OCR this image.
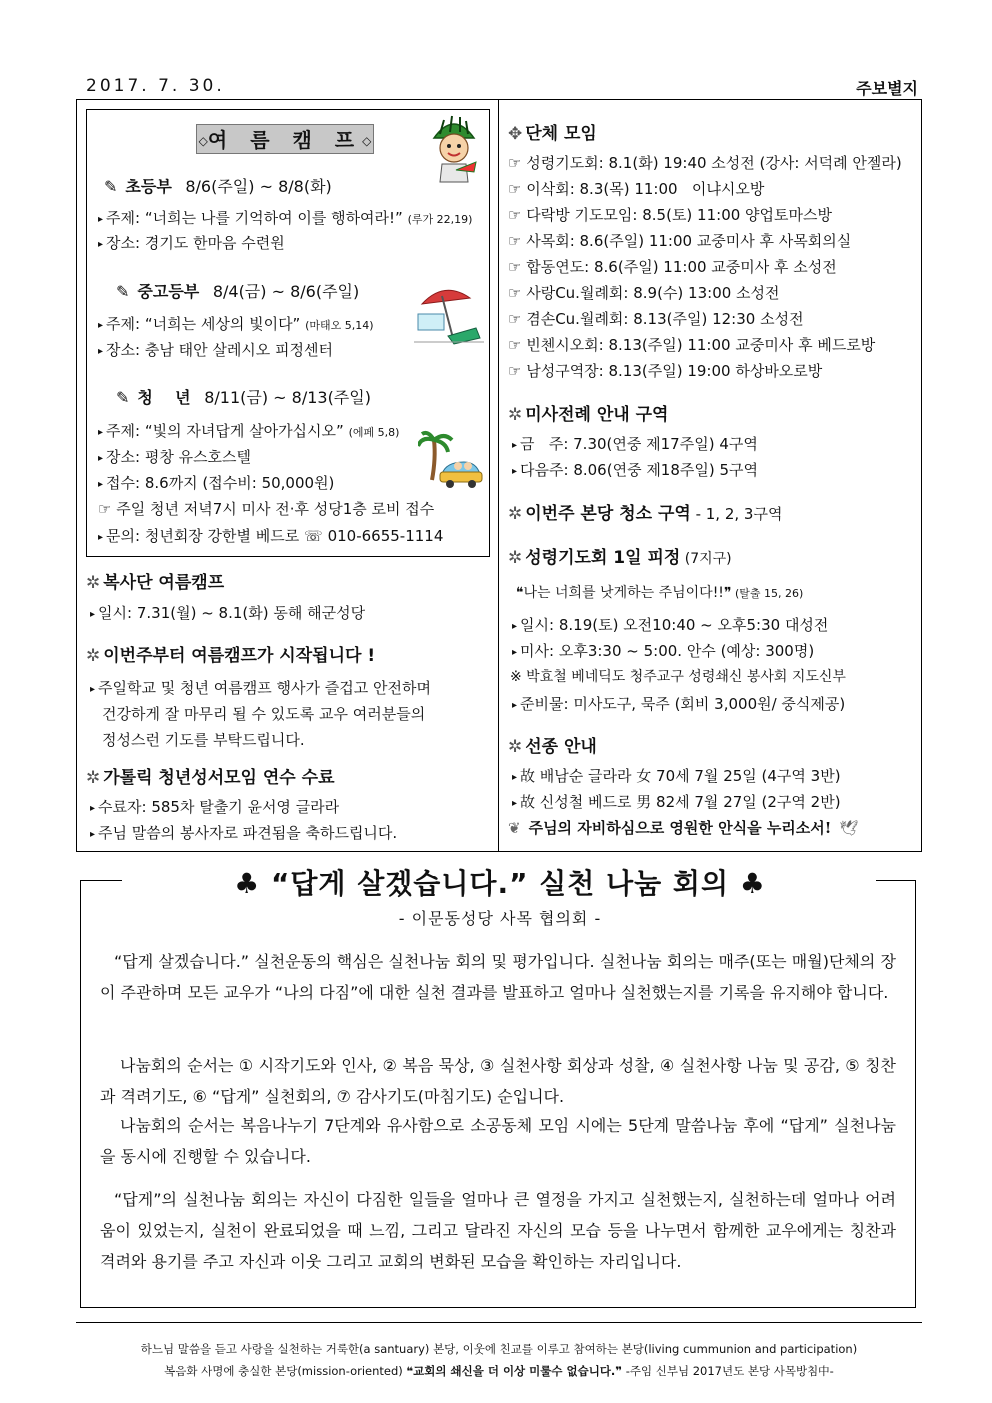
2017. 7. 30.	주보별지
◇여 름 캠 프◇
✎ 초등부 8/6(주일) ~ 8/8(화)
▸ 주제: “너희는 나를 기억하여 이를 행하여라!” (루가 22,19)
▸ 장소: 경기도 한마음 수련원
✎ 중고등부 8/4(금) ~ 8/6(주일)
▸ 주제: “너희는 세상의 빛이다” (마태오 5,14)
▸ 장소: 충남 태안 살레시오 피정센터
✎ 청    년 8/11(금) ~ 8/13(주일)
▸ 주제: “빛의 자녀답게 살아가십시오” (에페 5,8)
▸ 장소: 평창 유스호스텔
▸ 접수: 8.6까지 (접수비: 50,000원)
☞ 주일 청년 저녁7시 미사 전·후 성당1층 로비 접수
▸ 문의: 청년회장 강한별 베드로 ☏ 010-6655-1114
✲ 복사단 여름캠프
▸ 일시: 7.31(월) ~ 8.1(화) 동해 해군성당
✲ 이번주부터 여름캠프가 시작됩니다 !
▸ 주일학교 및 청년 여름캠프 행사가 즐겁고 안전하며
건강하게 잘 마무리 될 수 있도록 교우 여러분들의
정성스런 기도를 부탁드립니다.
✲ 가톨릭 청년성서모임 연수 수료
▸ 수료자: 585차 탈출기 윤서영 글라라
▸ 주님 말씀의 봉사자로 파견됨을 축하드립니다.
✥ 단체 모임
☞ 성령기도회: 8.1(화) 19:40 소성전 (강사: 서덕례 안젤라)
☞ 이삭회: 8.3(목) 11:00   이냐시오방
☞ 다락방 기도모임: 8.5(토) 11:00 양업토마스방
☞ 사목회: 8.6(주일) 11:00 교중미사 후 사목회의실
☞ 합동연도: 8.6(주일) 11:00 교중미사 후 소성전
☞ 사랑Cu.월례회: 8.9(수) 13:00 소성전
☞ 겸손Cu.월례회: 8.13(주일) 12:30 소성전
☞ 빈첸시오회: 8.13(주일) 11:00 교중미사 후 베드로방
☞ 남성구역장: 8.13(주일) 19:00 하상바오로방
✲ 미사전례 안내 구역
▸ 금   주: 7.30(연중 제17주일) 4구역
▸ 다음주: 8.06(연중 제18주일) 5구역
✲ 이번주 본당 청소 구역 - 1, 2, 3구역
✲ 성령기도회 1일 피정 (7지구)
❝나는 너희를 낫게하는 주님이다!!❞ (탈출 15, 26)
▸ 일시: 8.19(토) 오전10:40 ~ 오후5:30 대성전
▸ 미사: 오후3:30 ~ 5:00. 안수 (예상: 300명)
※ 박효철 베네딕도 청주교구 성령쇄신 봉사회 지도신부
▸ 준비물: 미사도구, 묵주 (회비 3,000원/ 중식제공)
✲ 선종 안내
▸ 故 배남순 글라라 女 70세 7월 25일 (4구역 3반)
▸ 故 신성철 베드로 男 82세 7월 27일 (2구역 2반)
❦ 주님의 자비하심으로 영원한 안식을 누리소서! 🕊
♣ “답게 살겠습니다.” 실천 나눔 회의 ♣
- 이문동성당 사목 협의회 -
“답게 살겠습니다.” 실천운동의 핵심은 실천나눔 회의 및 평가입니다. 실천나눔 회의는 매주(또는 매월)단체의 장이 주관하며 모든 교우가 “나의 다짐”에 대한 실천 결과를 발표하고 얼마나 실천했는지를 기록을 유지해야 합니다.
나눔회의 순서는 ① 시작기도와 인사, ② 복음 묵상, ③ 실천사항 회상과 성찰, ④ 실천사항 나눔 및 공감, ⑤ 칭찬과 격려기도, ⑥ “답게” 실천회의, ⑦ 감사기도(마침기도) 순입니다.
나눔회의 순서는 복음나누기 7단계와 유사함으로 소공동체 모임 시에는 5단계 말씀나눔 후에 “답게” 실천나눔을 동시에 진행할 수 있습니다.
“답게”의 실천나눔 회의는 자신이 다짐한 일들을 얼마나 큰 열정을 가지고 실천했는지, 실천하는데 얼마나 어려움이 있었는지, 실천이 완료되었을 때 느낌, 그리고 달라진 자신의 모습 등을 나누면서 함께한 교우에게는 칭찬과 격려와 용기를 주고 자신과 이웃 그리고 교회의 변화된 모습을 확인하는 자리입니다.
하느님 말씀을 듣고 사랑을 실천하는 거룩한(a santuary) 본당, 이웃에 친교를 이루고 참여하는 본당(living cummunion and participation)
복음화 사명에 충실한 본당(mission-oriented) ❝교회의 쇄신을 더 이상 미룰수 없습니다.❞ -주임 신부님 2017년도 본당 사목방침中-
